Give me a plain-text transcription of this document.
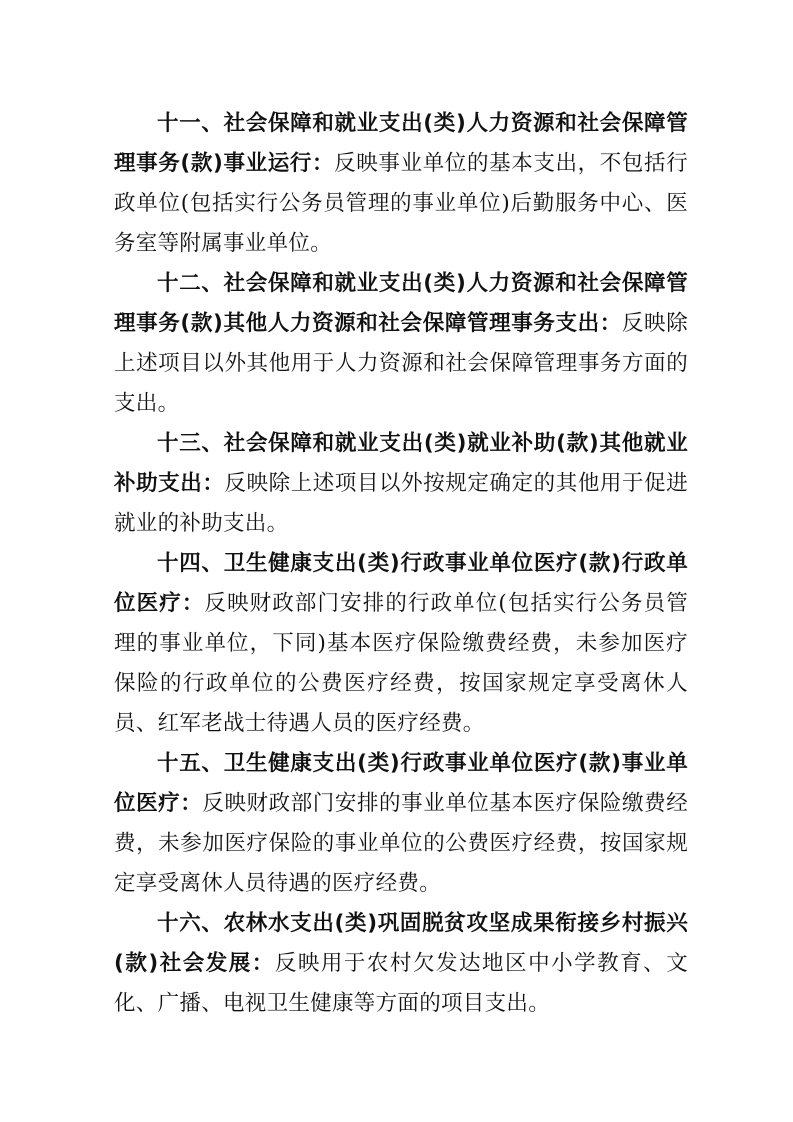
十一、社会保障和就业支出(类)人力资源和社会保障管理事务(款)事业运行：反映事业单位的基本支出，不包括行政单位(包括实行公务员管理的事业单位)后勤服务中心、医务室等附属事业单位。

十二、社会保障和就业支出(类)人力资源和社会保障管理事务(款)其他人力资源和社会保障管理事务支出：反映除上述项目以外其他用于人力资源和社会保障管理事务方面的支出。

十三、社会保障和就业支出(类)就业补助(款)其他就业补助支出：反映除上述项目以外按规定确定的其他用于促进就业的补助支出。

十四、卫生健康支出(类)行政事业单位医疗(款)行政单位医疗：反映财政部门安排的行政单位(包括实行公务员管理的事业单位，下同)基本医疗保险缴费经费，未参加医疗保险的行政单位的公费医疗经费，按国家规定享受离休人员、红军老战士待遇人员的医疗经费。

十五、卫生健康支出(类)行政事业单位医疗(款)事业单位医疗：反映财政部门安排的事业单位基本医疗保险缴费经费，未参加医疗保险的事业单位的公费医疗经费，按国家规定享受离休人员待遇的医疗经费。

十六、农林水支出(类)巩固脱贫攻坚成果衔接乡村振兴(款)社会发展：反映用于农村欠发达地区中小学教育、文化、广播、电视卫生健康等方面的项目支出。
